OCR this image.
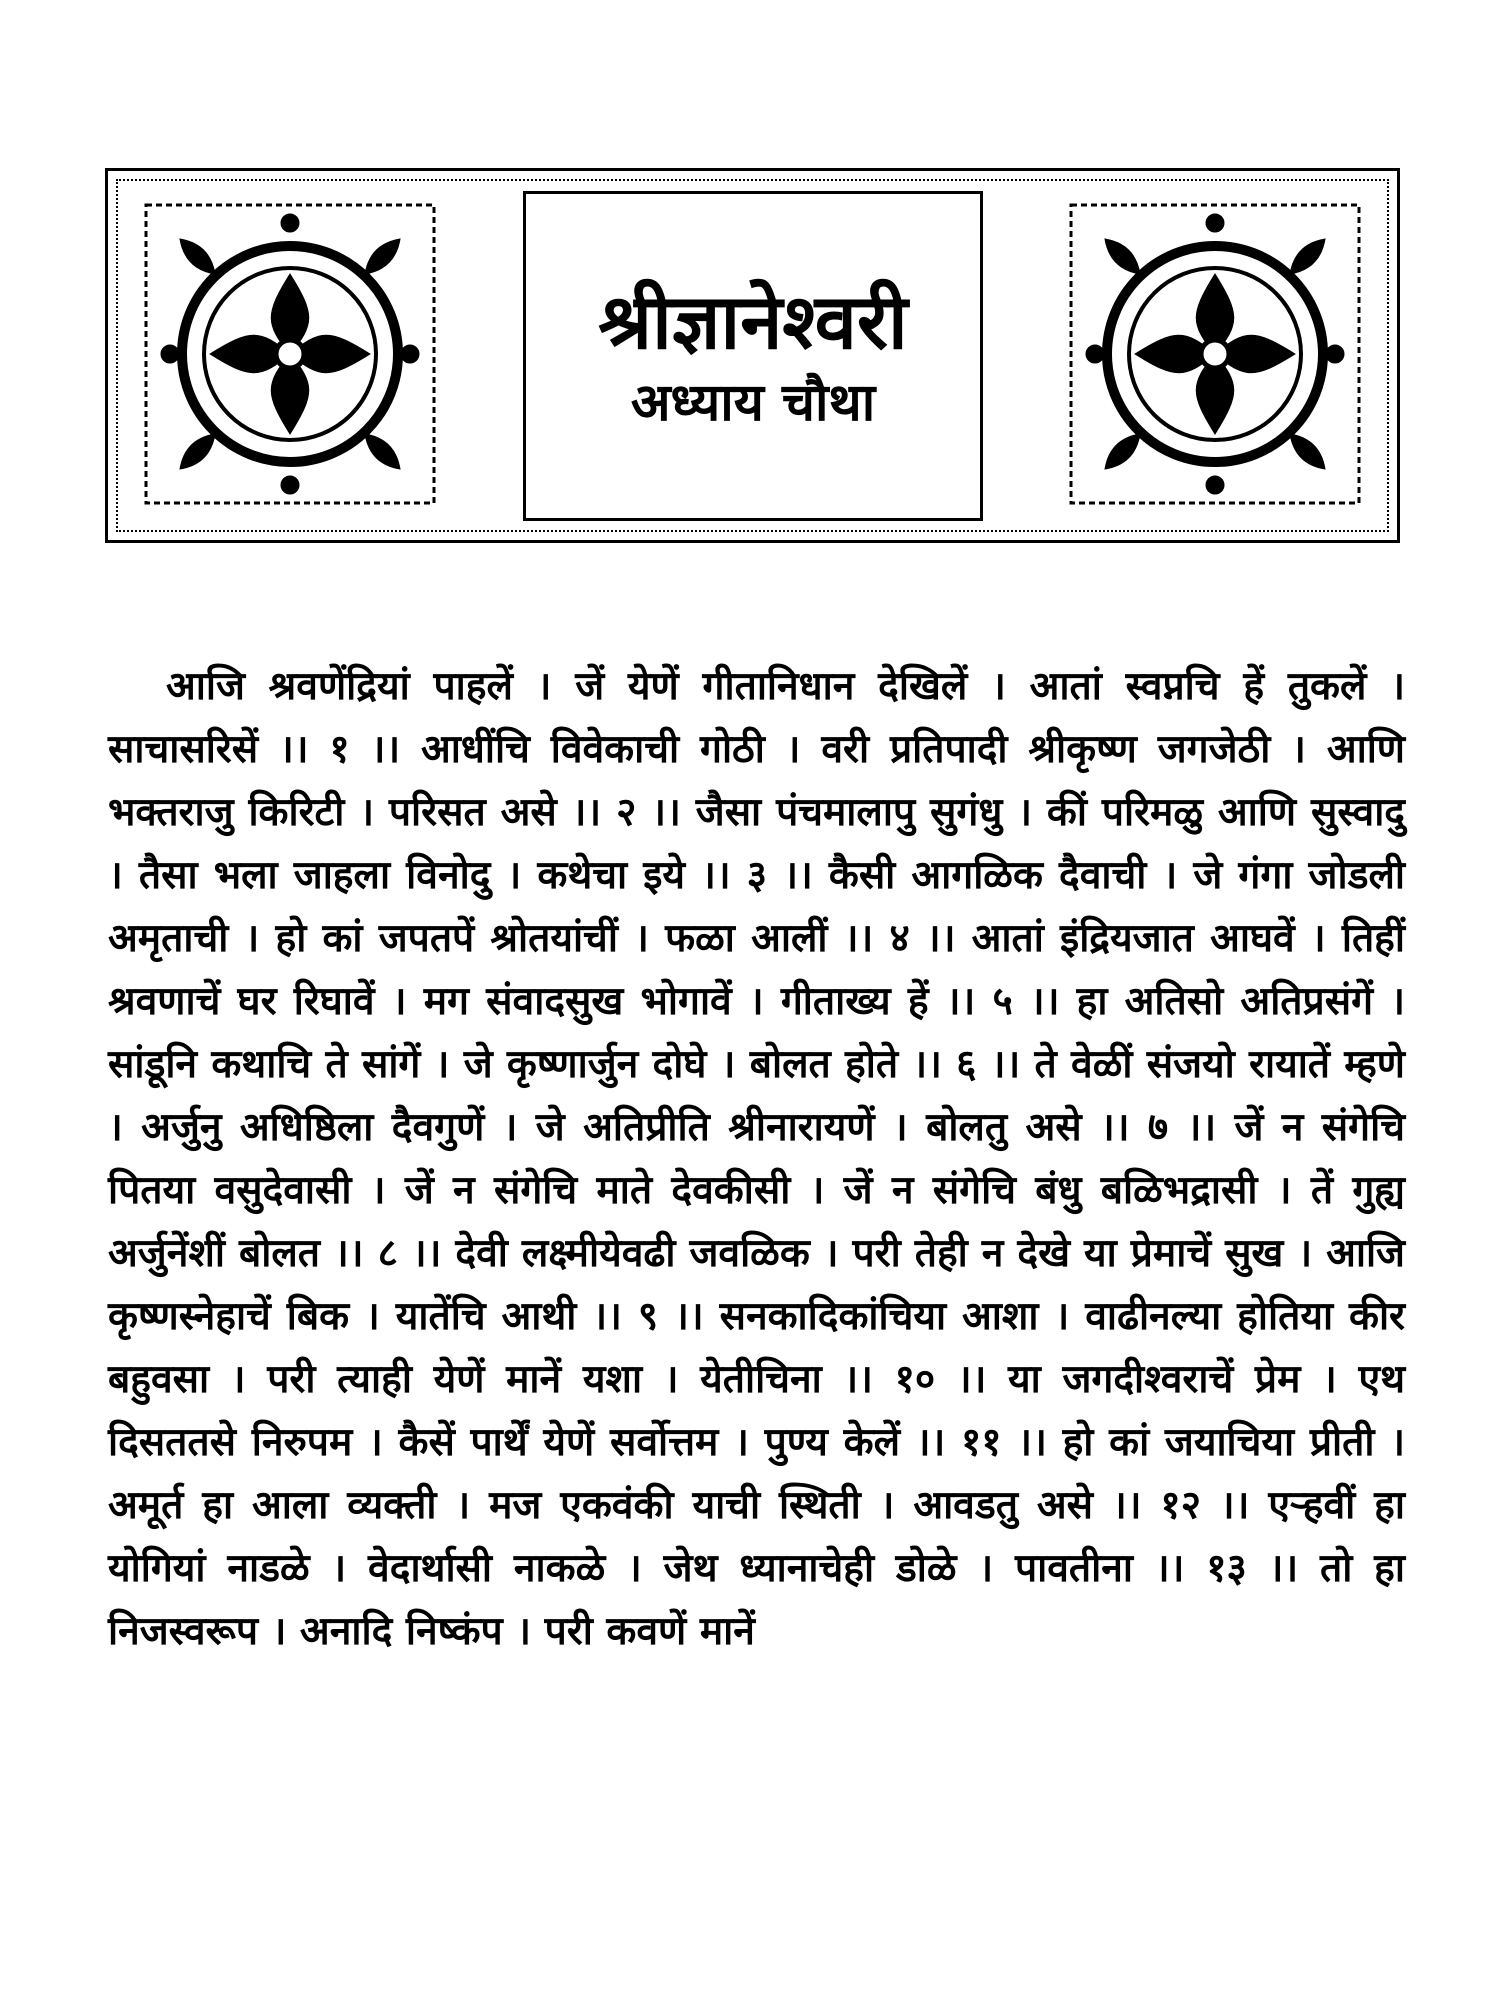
श्रीज्ञानेश्वरी
अध्याय चौथा

आजि श्रवणेंद्रियां पाहलें । जें येणें गीतानिधान देखिलें । आतां स्वप्नचि हें तुकलें । साचासरिसें ।। १ ।। आधींचि विवेकाची गोठी । वरी प्रतिपादी श्रीकृष्ण जगजेठी । आणि भक्तराजु किरिटी । परिसत असे ।। २ ।। जैसा पंचमालापु सुगंधु । कीं परिमळु आणि सुस्वादु । तैसा भला जाहला विनोदु । कथेचा इये ।। ३ ।। कैसी आगळिक दैवाची । जे गंगा जोडली अमृताची । हो कां जपतपें श्रोतयांचीं । फळा आलीं ।। ४ ।। आतां इंद्रियजात आघवें । तिहीं श्रवणाचें घर रिघावें । मग संवादसुख भोगावें । गीताख्य हें ।। ५ ।। हा अतिसो अतिप्रसंगें । सांडूनि कथाचि ते सांगें । जे कृष्णार्जुन दोघे । बोलत होते ।। ६ ।। ते वेळीं संजयो रायातें म्हणे । अर्जुनु अधिष्ठिला दैवगुणें । जे अतिप्रीति श्रीनारायणें । बोलतु असे ।। ७ ।। जें न संगेचि पितया वसुदेवासी । जें न संगेचि माते देवकीसी । जें न संगेचि बंधु बळिभद्रासी । तें गुह्य अर्जुनेंशीं बोलत ।। ८ ।। देवी लक्ष्मीयेवढी जवळिक । परी तेही न देखे या प्रेमाचें सुख । आजि कृष्णस्नेहाचें बिक । यातेंचि आथी ।। ९ ।। सनकादिकांचिया आशा । वाढीनल्या होतिया कीर बहुवसा । परी त्याही येणें मानें यशा । येतीचिना ।। १० ।। या जगदीश्वराचें प्रेम । एथ दिसततसे निरुपम । कैसें पार्थें येणें सर्वोत्तम । पुण्य केलें ।। ११ ।। हो कां जयाचिया प्रीती । अमूर्त हा आला व्यक्ती । मज एकवंकी याची स्थिती । आवडतु असे ।। १२ ।। एऱ्हवीं हा योगियां नाडळे । वेदार्थासी नाकळे । जेथ ध्यानाचेही डोळे । पावतीना ।। १३ ।। तो हा निजस्वरूप । अनादि निष्कंप । परी कवणें मानें
